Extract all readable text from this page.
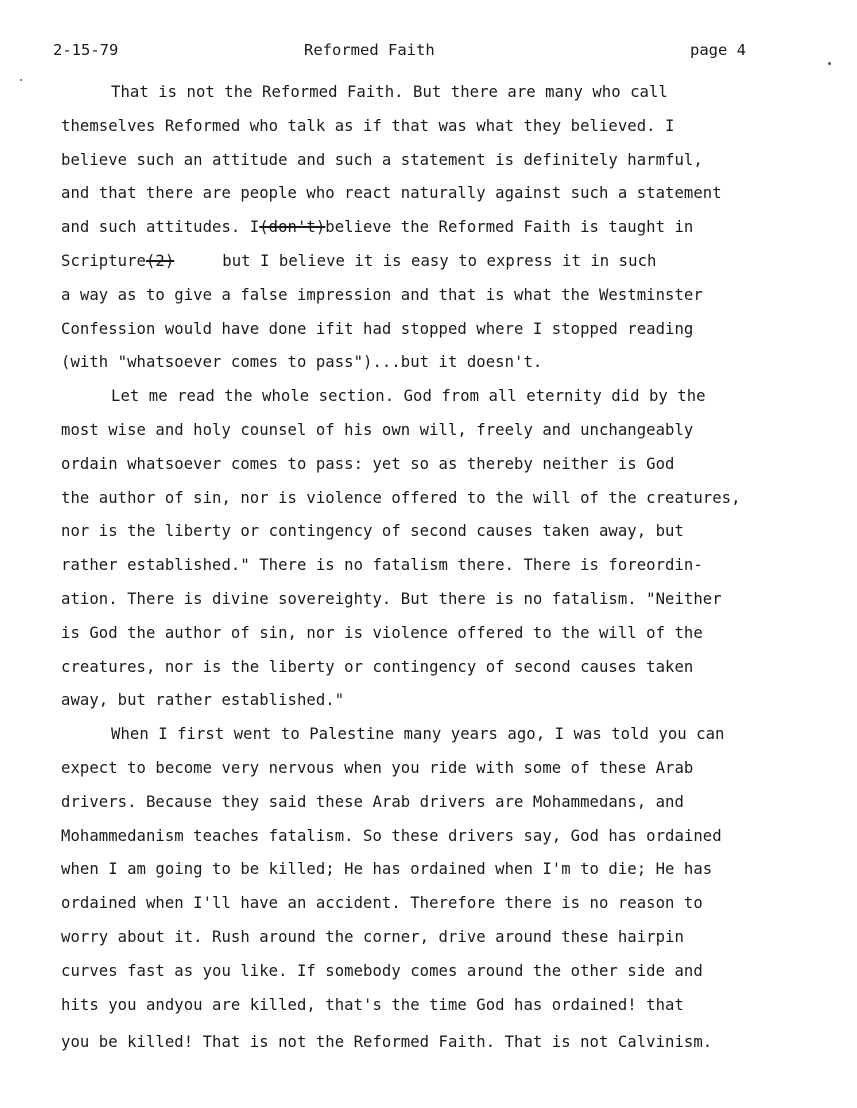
2-15-79	Reformed Faith	page 4
That is not the Reformed Faith. But there are many who call
themselves Reformed who talk as if that was what they believed. I
believe such an attitude and such a statement is definitely harmful,
and that there are people who react naturally against such a statement
and such attitudes. I(don't)believe the Reformed Faith is taught in
Scripture(2)	but I believe it is easy to express it in such
a way as to give a false impression and that is what the Westminster
Confession would have done ifit had stopped where I stopped reading
(with "whatsoever comes to pass")...but it doesn't.
Let me read the whole section. God from all eternity did by the
most wise and holy counsel of his own will, freely and unchangeably
ordain whatsoever comes to pass: yet so as thereby neither is God
the author of sin, nor is violence offered to the will of the creatures,
nor is the liberty or contingency of second causes taken away, but
rather established." There is no fatalism there. There is foreordin-
ation. There is divine sovereighty. But there is no fatalism. "Neither
is God the author of sin, nor is violence offered to the will of the
creatures, nor is the liberty or contingency of second causes taken
away, but rather established."
When I first went to Palestine many years ago, I was told you can
expect to become very nervous when you ride with some of these Arab
drivers. Because they said these Arab drivers are Mohammedans, and
Mohammedanism teaches fatalism. So these drivers say, God has ordained
when I am going to be killed; He has ordained when I'm to die; He has
ordained when I'll have an accident. Therefore there is no reason to
worry about it. Rush around the corner, drive around these hairpin
curves fast as you like. If somebody comes around the other side and
hits you andyou are killed, that's the time God has ordained! that
you be killed! That is not the Reformed Faith. That is not Calvinism.
